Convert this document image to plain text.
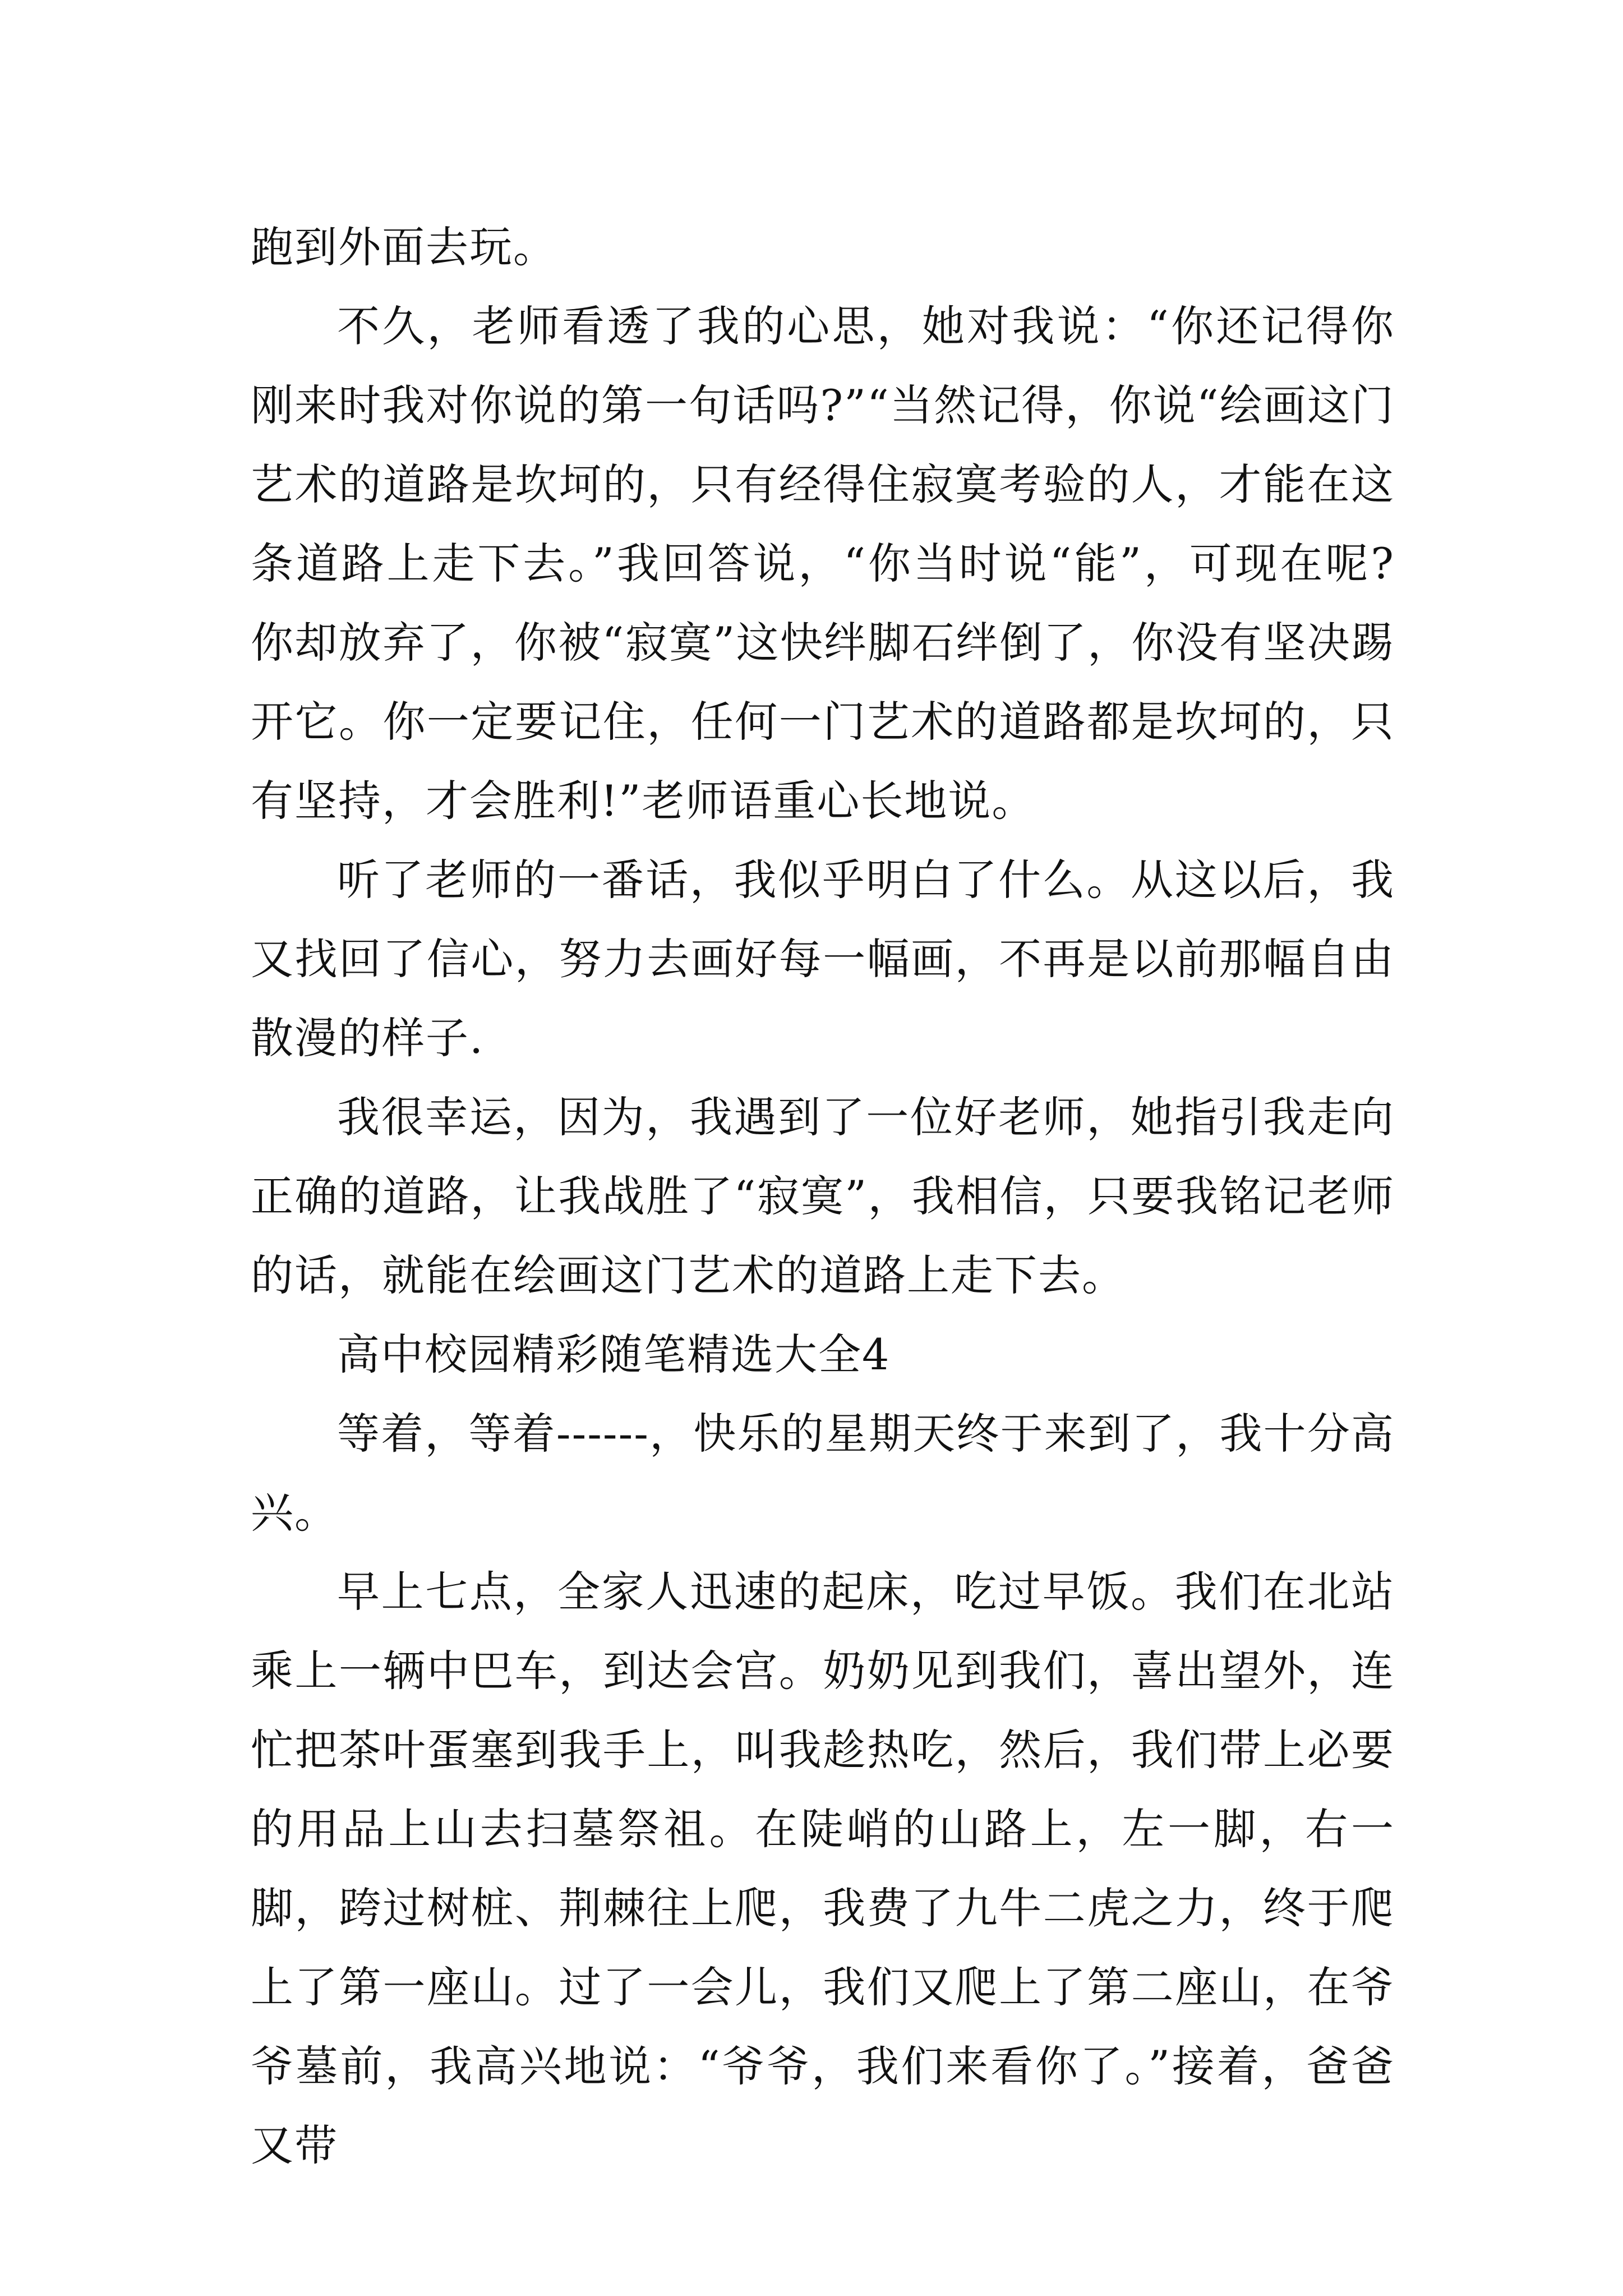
跑到外面去玩。

不久，老师看透了我的心思，她对我说：“你还记得你刚来时我对你说的第一句话吗?”“当然记得，你说“绘画这门艺术的道路是坎坷的，只有经得住寂寞考验的人，才能在这条道路上走下去。”我回答说，“你当时说“能”，可现在呢?你却放弃了，你被“寂寞”这快绊脚石绊倒了，你没有坚决踢开它。你一定要记住，任何一门艺术的道路都是坎坷的，只有坚持，才会胜利!”老师语重心长地说。

听了老师的一番话，我似乎明白了什么。从这以后，我又找回了信心，努力去画好每一幅画，不再是以前那幅自由散漫的样子.

我很幸运，因为，我遇到了一位好老师，她指引我走向正确的道路，让我战胜了“寂寞”，我相信，只要我铭记老师的话，就能在绘画这门艺术的道路上走下去。

高中校园精彩随笔精选大全4

等着，等着------，快乐的星期天终于来到了，我十分高兴。

早上七点，全家人迅速的起床，吃过早饭。我们在北站乘上一辆中巴车，到达会宫。奶奶见到我们，喜出望外，连忙把茶叶蛋塞到我手上，叫我趁热吃，然后，我们带上必要的用品上山去扫墓祭祖。在陡峭的山路上，左一脚，右一脚，跨过树桩、荆棘往上爬，我费了九牛二虎之力，终于爬上了第一座山。过了一会儿，我们又爬上了第二座山，在爷爷墓前，我高兴地说：“爷爷，我们来看你了。”接着，爸爸又带
